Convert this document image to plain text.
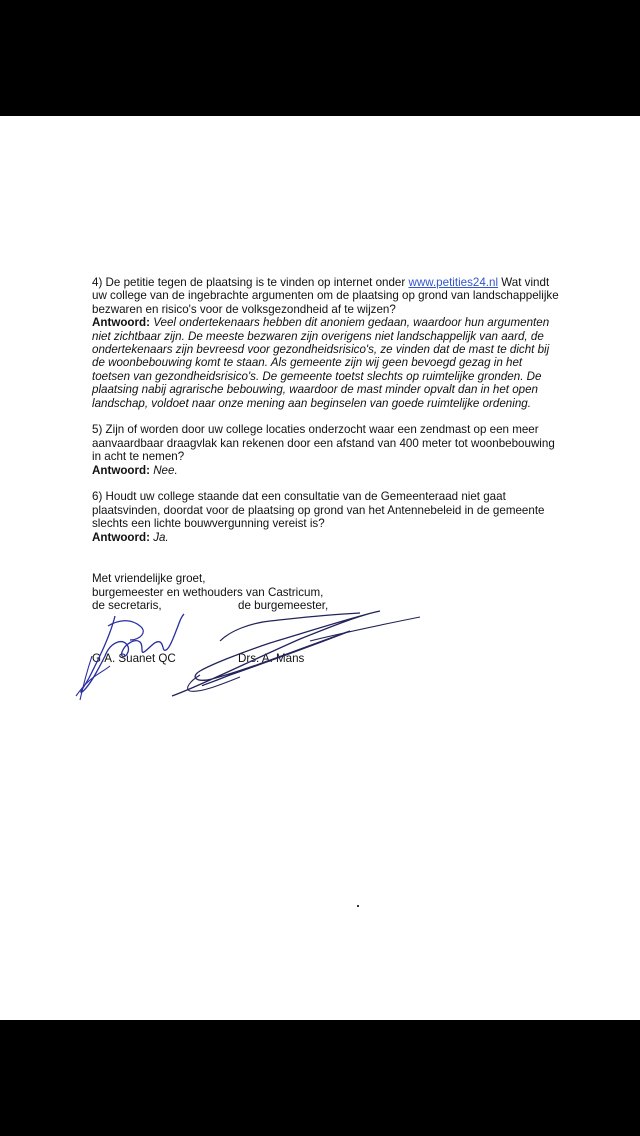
4) De petitie tegen de plaatsing is te vinden op internet onder www.petities24.nl Wat vindt uw college van de ingebrachte argumenten om de plaatsing op grond van landschappelijke bezwaren en risico's voor de volksgezondheid af te wijzen?
Antwoord: Veel ondertekenaars hebben dit anoniem gedaan, waardoor hun argumenten niet zichtbaar zijn. De meeste bezwaren zijn overigens niet landschappelijk van aard, de ondertekenaars zijn bevreesd voor gezondheidsrisico's, ze vinden dat de mast te dicht bij de woonbebouwing komt te staan. Als gemeente zijn wij geen bevoegd gezag in het toetsen van gezondheidsrisico's. De gemeente toetst slechts op ruimtelijke gronden. De plaatsing nabij agrarische bebouwing, waardoor de mast minder opvalt dan in het open landschap, voldoet naar onze mening aan beginselen van goede ruimtelijke ordening.

5) Zijn of worden door uw college locaties onderzocht waar een zendmast op een meer aanvaardbaar draagvlak kan rekenen door een afstand van 400 meter tot woonbebouwing in acht te nemen?
Antwoord: Nee.

6) Houdt uw college staande dat een consultatie van de Gemeenteraad niet gaat plaatsvinden, doordat voor de plaatsing op grond van het Antennebeleid in de gemeente slechts een lichte bouwvergunning vereist is?
Antwoord: Ja.

Met vriendelijke groet,
burgemeester en wethouders van Castricum,
de secretaris,	de burgemeester,
G.A. Suanet QC	Drs. A. Mans
